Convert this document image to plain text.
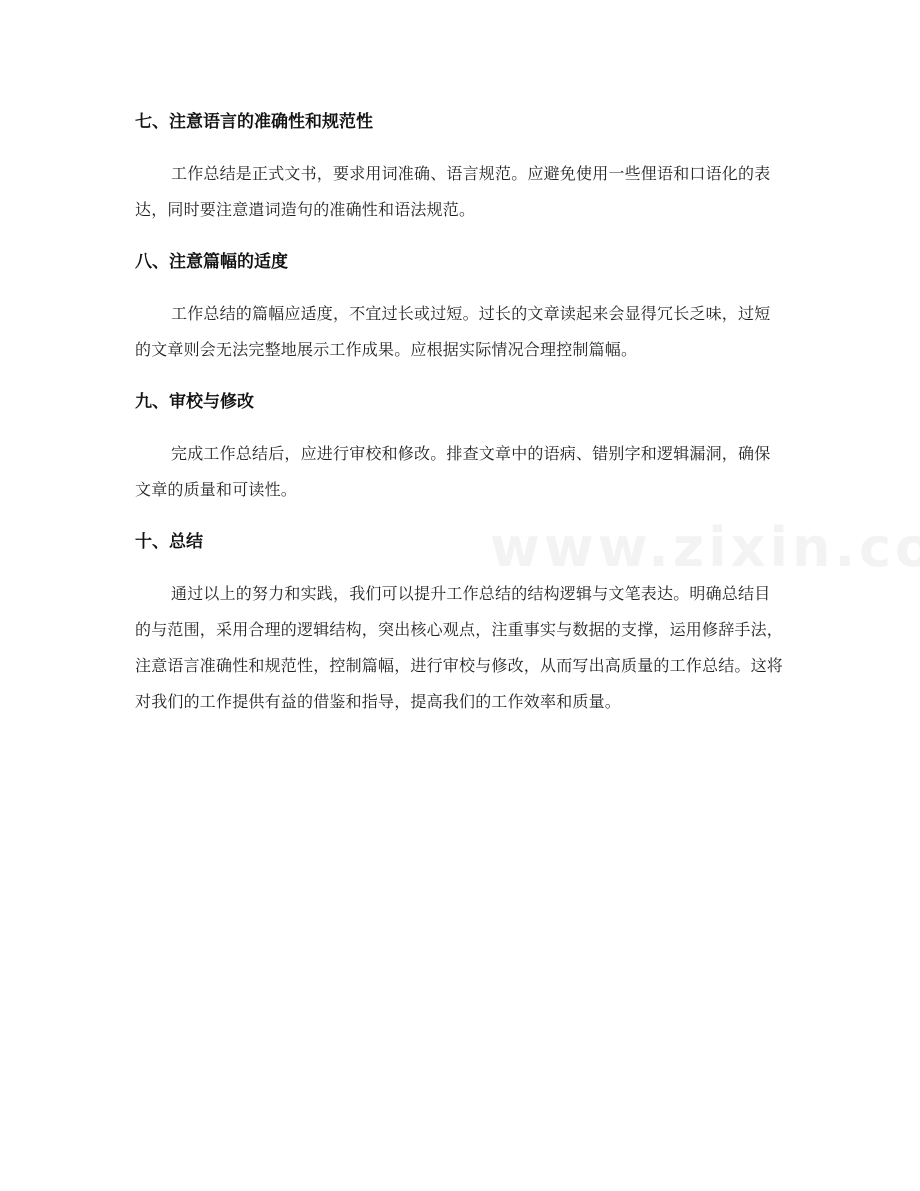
七、注意语言的准确性和规范性

工作总结是正式文书，要求用词准确、语言规范。应避免使用一些俚语和口语化的表达，同时要注意遣词造句的准确性和语法规范。

八、注意篇幅的适度

工作总结的篇幅应适度，不宜过长或过短。过长的文章读起来会显得冗长乏味，过短的文章则会无法完整地展示工作成果。应根据实际情况合理控制篇幅。

九、审校与修改

完成工作总结后，应进行审校和修改。排查文章中的语病、错别字和逻辑漏洞，确保文章的质量和可读性。

十、总结

通过以上的努力和实践，我们可以提升工作总结的结构逻辑与文笔表达。明确总结目的与范围，采用合理的逻辑结构，突出核心观点，注重事实与数据的支撑，运用修辞手法，注意语言准确性和规范性，控制篇幅，进行审校与修改，从而写出高质量的工作总结。这将对我们的工作提供有益的借鉴和指导，提高我们的工作效率和质量。
